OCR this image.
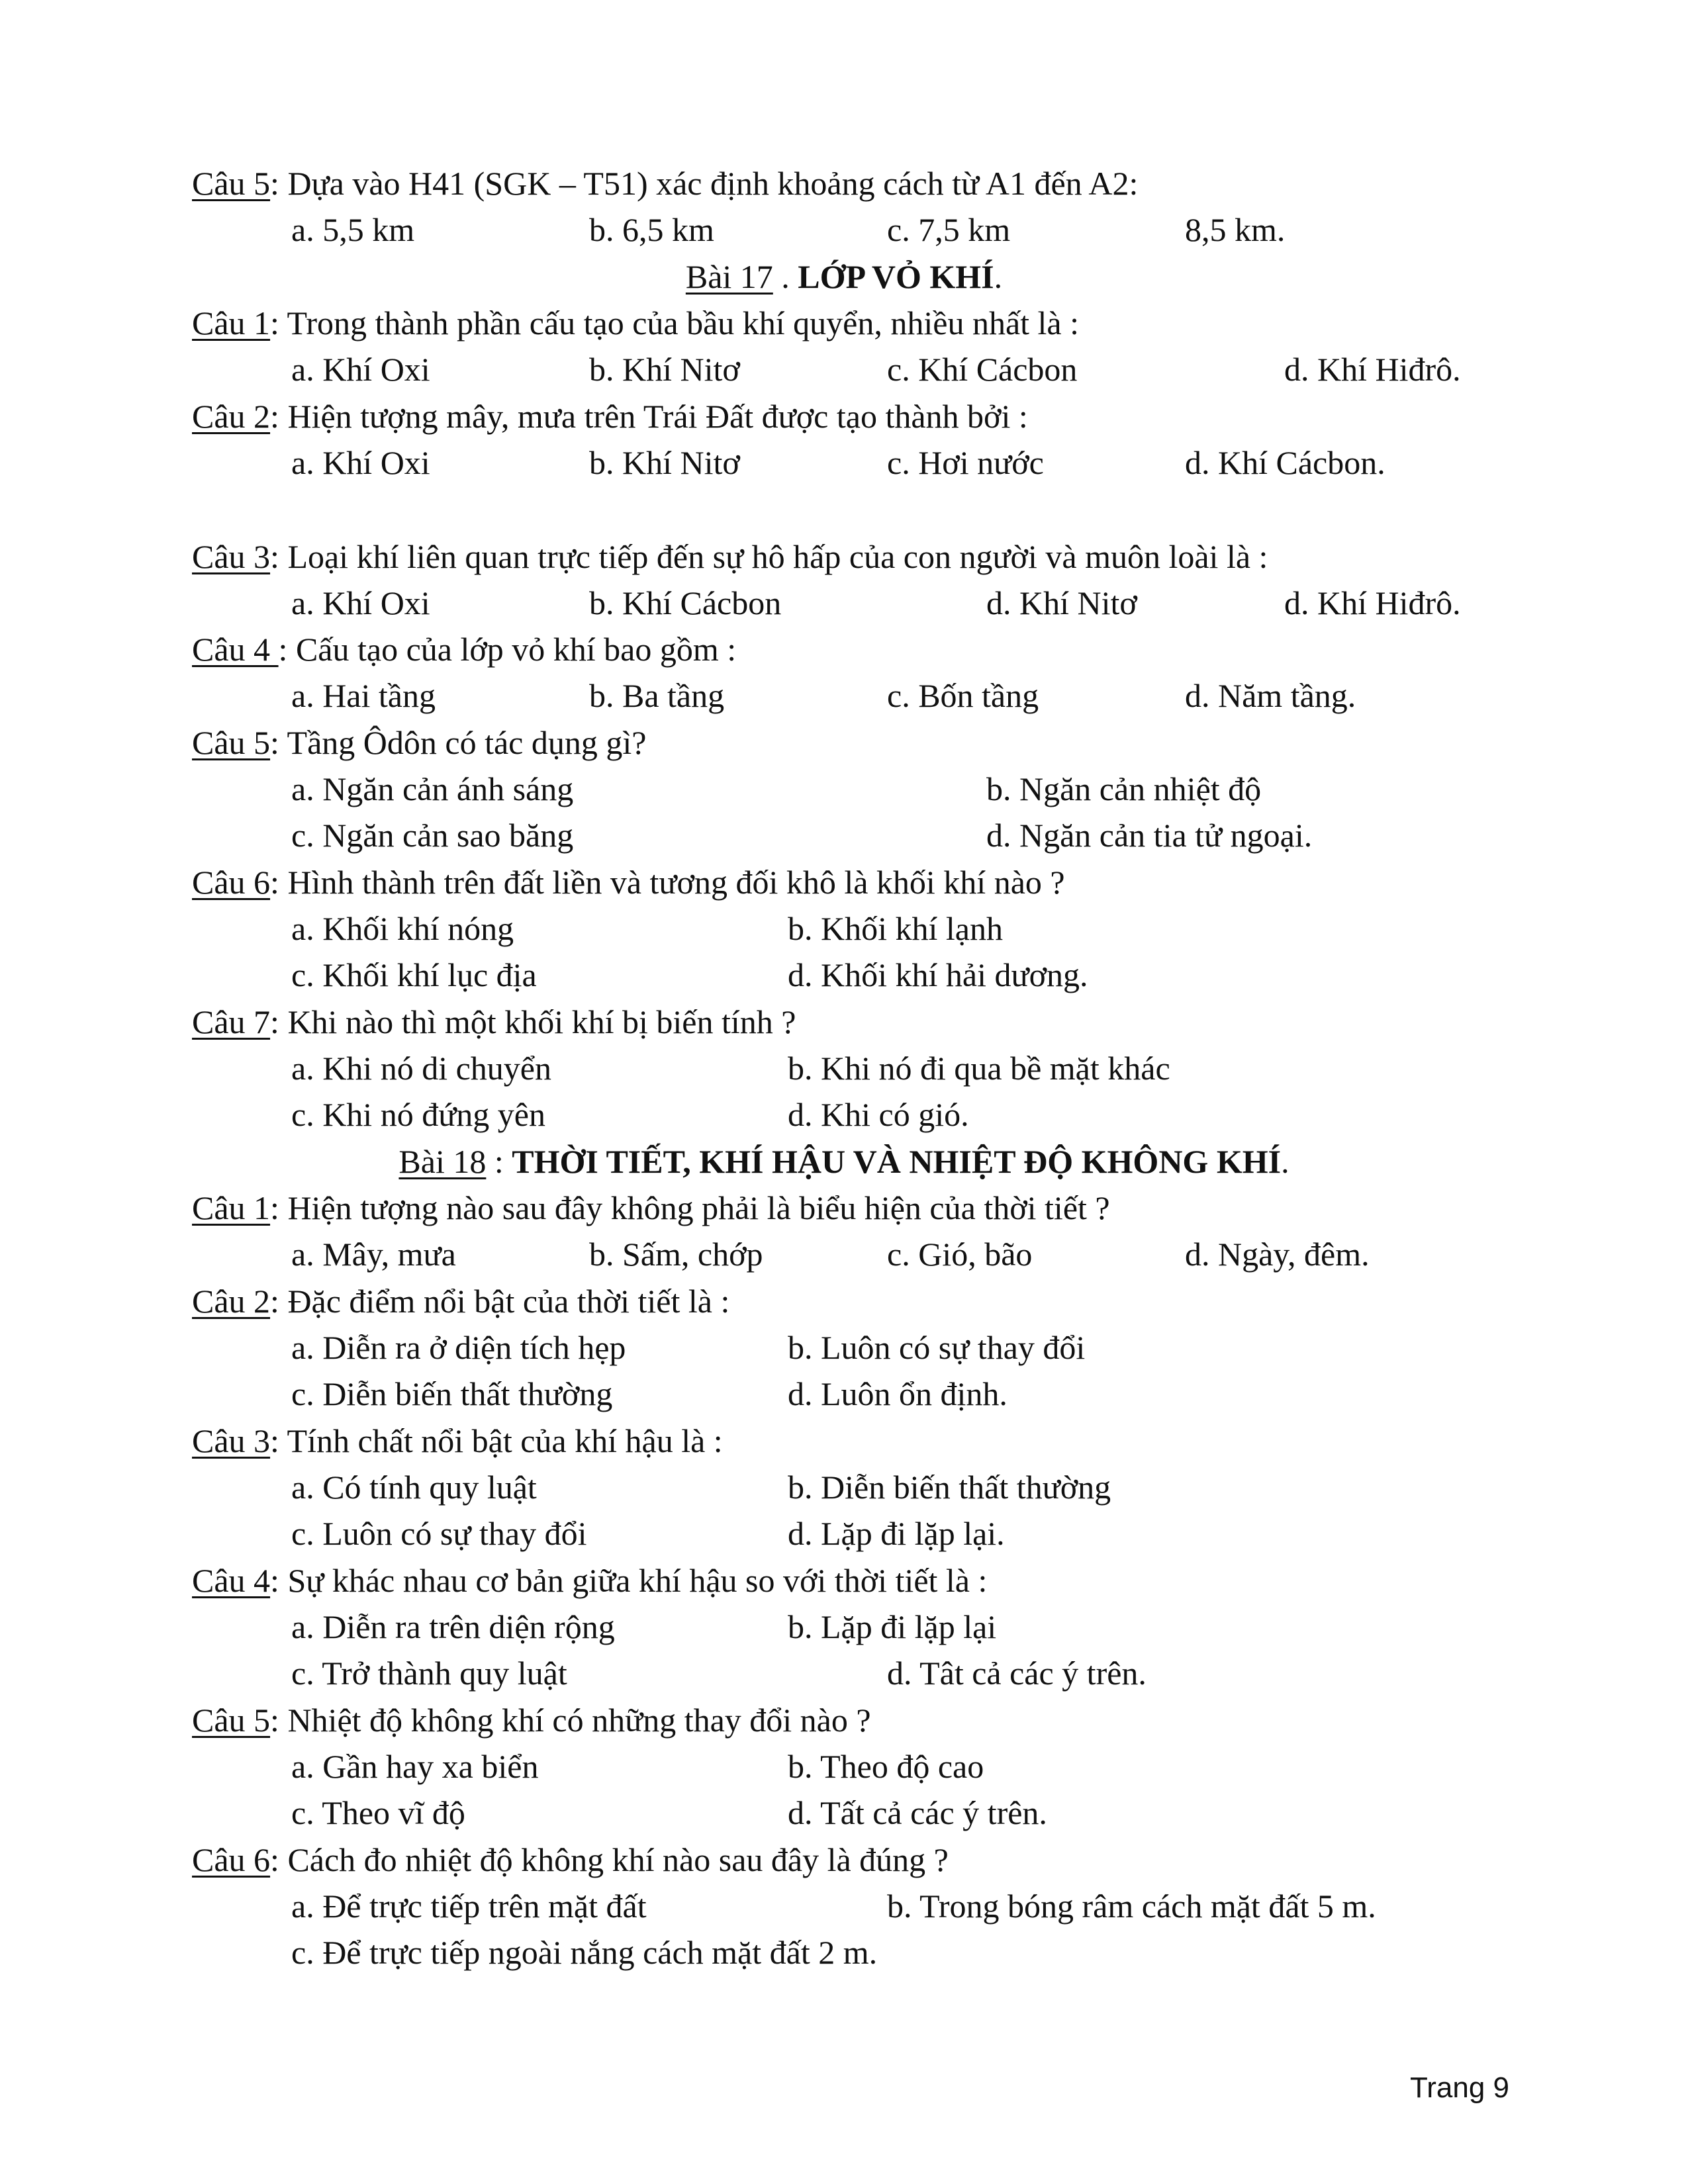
Câu 5: Dựa vào H41 (SGK – T51) xác định khoảng cách từ A1 đến A2:
a. 5,5 km	b. 6,5 km	c. 7,5 km	8,5 km.
Bài 17 . LỚP VỎ KHÍ.
Câu 1: Trong thành phần cấu tạo của bầu khí quyển, nhiều nhất là :
a. Khí Oxi	b. Khí Nitơ	c. Khí Cácbon	d. Khí Hiđrô.
Câu 2: Hiện tượng mây, mưa trên Trái Đất được tạo thành bởi :
a. Khí Oxi	b. Khí Nitơ	c. Hơi nước	d. Khí Cácbon.
Câu 3: Loại khí liên quan trực tiếp đến sự hô hấp của con người và muôn loài là :
a. Khí Oxi	b. Khí Cácbon	d. Khí Nitơ	d. Khí Hiđrô.
Câu 4 : Cấu tạo của lớp vỏ khí bao gồm :
a. Hai tầng	b. Ba tầng	c. Bốn tầng	d. Năm tầng.
Câu 5: Tầng Ôdôn có tác dụng gì?
a. Ngăn cản ánh sáng	b. Ngăn cản nhiệt độ
c. Ngăn cản sao băng	d. Ngăn cản tia tử ngoại.
Câu 6: Hình thành trên đất liền và tương đối khô là khối khí nào ?
a. Khối khí nóng	b. Khối khí lạnh
c. Khối khí lục địa	d. Khối khí hải dương.
Câu 7: Khi nào thì một khối khí bị biến tính ?
a. Khi nó di chuyển	b. Khi nó đi qua bề mặt khác
c. Khi nó đứng yên	d. Khi có gió.
Bài 18 : THỜI TIẾT, KHÍ HẬU VÀ NHIỆT ĐỘ KHÔNG KHÍ.
Câu 1: Hiện tượng nào sau đây không phải là biểu hiện của thời tiết ?
a. Mây, mưa	b. Sấm, chớp	c. Gió, bão	d. Ngày, đêm.
Câu 2: Đặc điểm nổi bật của thời tiết là :
a. Diễn ra ở diện tích hẹp	b. Luôn có sự thay đổi
c. Diễn biến thất thường	d. Luôn ổn định.
Câu 3: Tính chất nổi bật của khí hậu là :
a. Có tính quy luật	b. Diễn biến thất thường
c. Luôn có sự thay đổi	d. Lặp đi lặp lại.
Câu 4: Sự khác nhau cơ bản giữa khí hậu so với thời tiết là :
a. Diễn ra trên diện rộng	b. Lặp đi lặp lại
c. Trở thành quy luật	d. Tât cả các ý trên.
Câu 5: Nhiệt độ không khí có những thay đổi nào ?
a. Gần hay xa biển	b. Theo độ cao
c. Theo vĩ độ	d. Tất cả các ý trên.
Câu 6: Cách đo nhiệt độ không khí nào sau đây là đúng ?
a. Để trực tiếp trên mặt đất	b. Trong bóng râm cách mặt đất 5 m.
c. Để trực tiếp ngoài nắng cách mặt đất 2 m.
Trang 9
